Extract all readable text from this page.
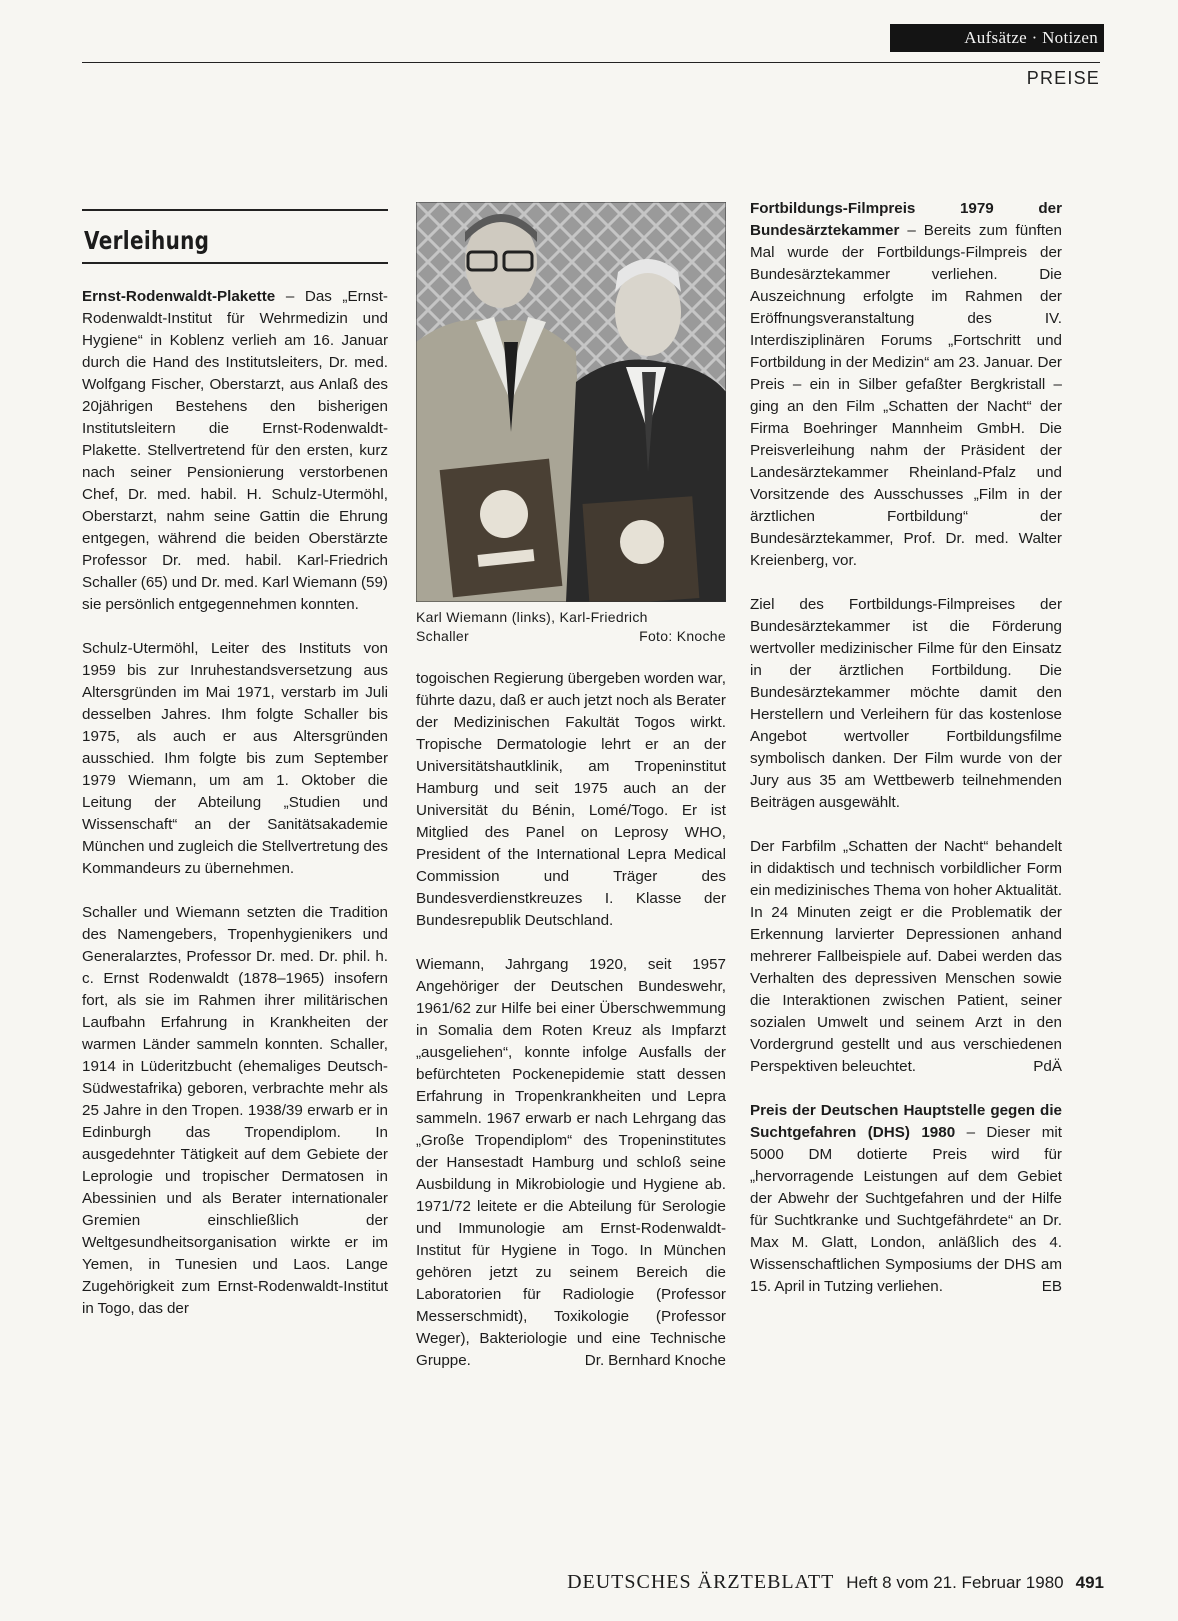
Aufsätze · Notizen
PREISE
Verleihung

Ernst-Rodenwaldt-Plakette – Das „Ernst-Rodenwaldt-Institut für Wehrmedizin und Hygiene“ in Koblenz verlieh am 16. Januar durch die Hand des Institutsleiters, Dr. med. Wolfgang Fischer, Oberstarzt, aus Anlaß des 20jährigen Bestehens den bisherigen Institutsleitern die Ernst-Rodenwaldt-Plakette. Stellvertretend für den ersten, kurz nach seiner Pensionierung verstorbenen Chef, Dr. med. habil. H. Schulz-Utermöhl, Oberstarzt, nahm seine Gattin die Ehrung entgegen, während die beiden Oberstärzte Professor Dr. med. habil. Karl-Friedrich Schaller (65) und Dr. med. Karl Wiemann (59) sie persönlich entgegennehmen konnten.

Schulz-Utermöhl, Leiter des Instituts von 1959 bis zur Inruhestandsversetzung aus Altersgründen im Mai 1971, verstarb im Juli desselben Jahres. Ihm folgte Schaller bis 1975, als auch er aus Altersgründen ausschied. Ihm folgte bis zum September 1979 Wiemann, um am 1. Oktober die Leitung der Abteilung „Studien und Wissenschaft“ an der Sanitätsakademie München und zugleich die Stellvertretung des Kommandeurs zu übernehmen.

Schaller und Wiemann setzten die Tradition des Namengebers, Tropenhygienikers und Generalarztes, Professor Dr. med. Dr. phil. h. c. Ernst Rodenwaldt (1878–1965) insofern fort, als sie im Rahmen ihrer militärischen Laufbahn Erfahrung in Krankheiten der warmen Länder sammeln konnten. Schaller, 1914 in Lüderitzbucht (ehemaliges Deutsch-Südwestafrika) geboren, verbrachte mehr als 25 Jahre in den Tropen. 1938/39 erwarb er in Edinburgh das Tropendiplom. In ausgedehnter Tätigkeit auf dem Gebiete der Leprologie und tropischer Dermatosen in Abessinien und als Berater internationaler Gremien einschließlich der Weltgesundheitsorganisation wirkte er im Yemen, in Tunesien und Laos. Lange Zugehörigkeit zum Ernst-Rodenwaldt-Institut in Togo, das der

Karl Wiemann (links), Karl-Friedrich
Schaller	Foto: Knoche

togoischen Regierung übergeben worden war, führte dazu, daß er auch jetzt noch als Berater der Medizinischen Fakultät Togos wirkt. Tropische Dermatologie lehrt er an der Universitätshautklinik, am Tropeninstitut Hamburg und seit 1975 auch an der Universität du Bénin, Lomé/Togo. Er ist Mitglied des Panel on Leprosy WHO, President of the International Lepra Medical Commission und Träger des Bundesverdienstkreuzes I. Klasse der Bundesrepublik Deutschland.

Wiemann, Jahrgang 1920, seit 1957 Angehöriger der Deutschen Bundeswehr, 1961/62 zur Hilfe bei einer Überschwemmung in Somalia dem Roten Kreuz als Impfarzt „ausgeliehen“, konnte infolge Ausfalls der befürchteten Pockenepidemie statt dessen Erfahrung in Tropenkrankheiten und Lepra sammeln. 1967 erwarb er nach Lehrgang das „Große Tropendiplom“ des Tropeninstitutes der Hansestadt Hamburg und schloß seine Ausbildung in Mikrobiologie und Hygiene ab. 1971/72 leitete er die Abteilung für Serologie und Immunologie am Ernst-Rodenwaldt-Institut für Hygiene in Togo. In München gehören jetzt zu seinem Bereich die Laboratorien für Radiologie (Professor Messerschmidt), Toxikologie (Professor Weger), Bakteriologie und eine Technische Gruppe.	Dr. Bernhard Knoche

Fortbildungs-Filmpreis 1979 der Bundesärztekammer – Bereits zum fünften Mal wurde der Fortbildungs-Filmpreis der Bundesärztekammer verliehen. Die Auszeichnung erfolgte im Rahmen der Eröffnungsveranstaltung des IV. Interdisziplinären Forums „Fortschritt und Fortbildung in der Medizin“ am 23. Januar. Der Preis – ein in Silber gefaßter Bergkristall – ging an den Film „Schatten der Nacht“ der Firma Boehringer Mannheim GmbH. Die Preisverleihung nahm der Präsident der Landesärztekammer Rheinland-Pfalz und Vorsitzende des Ausschusses „Film in der ärztlichen Fortbildung“ der Bundesärztekammer, Prof. Dr. med. Walter Kreienberg, vor.

Ziel des Fortbildungs-Filmpreises der Bundesärztekammer ist die Förderung wertvoller medizinischer Filme für den Einsatz in der ärztlichen Fortbildung. Die Bundesärztekammer möchte damit den Herstellern und Verleihern für das kostenlose Angebot wertvoller Fortbildungsfilme symbolisch danken. Der Film wurde von der Jury aus 35 am Wettbewerb teilnehmenden Beiträgen ausgewählt.

Der Farbfilm „Schatten der Nacht“ behandelt in didaktisch und technisch vorbildlicher Form ein medizinisches Thema von hoher Aktualität. In 24 Minuten zeigt er die Problematik der Erkennung larvierter Depressionen anhand mehrerer Fallbeispiele auf. Dabei werden das Verhalten des depressiven Menschen sowie die Interaktionen zwischen Patient, seiner sozialen Umwelt und seinem Arzt in den Vordergrund gestellt und aus verschiedenen Perspektiven beleuchtet.	PdÄ

Preis der Deutschen Hauptstelle gegen die Suchtgefahren (DHS) 1980 – Dieser mit 5000 DM dotierte Preis wird für „hervorragende Leistungen auf dem Gebiet der Abwehr der Suchtgefahren und der Hilfe für Suchtkranke und Suchtgefährdete“ an Dr. Max M. Glatt, London, anläßlich des 4. Wissenschaftlichen Symposiums der DHS am 15. April in Tutzing verliehen.	EB

DEUTSCHES ÄRZTEBLATT Heft 8 vom 21. Februar 1980 491
